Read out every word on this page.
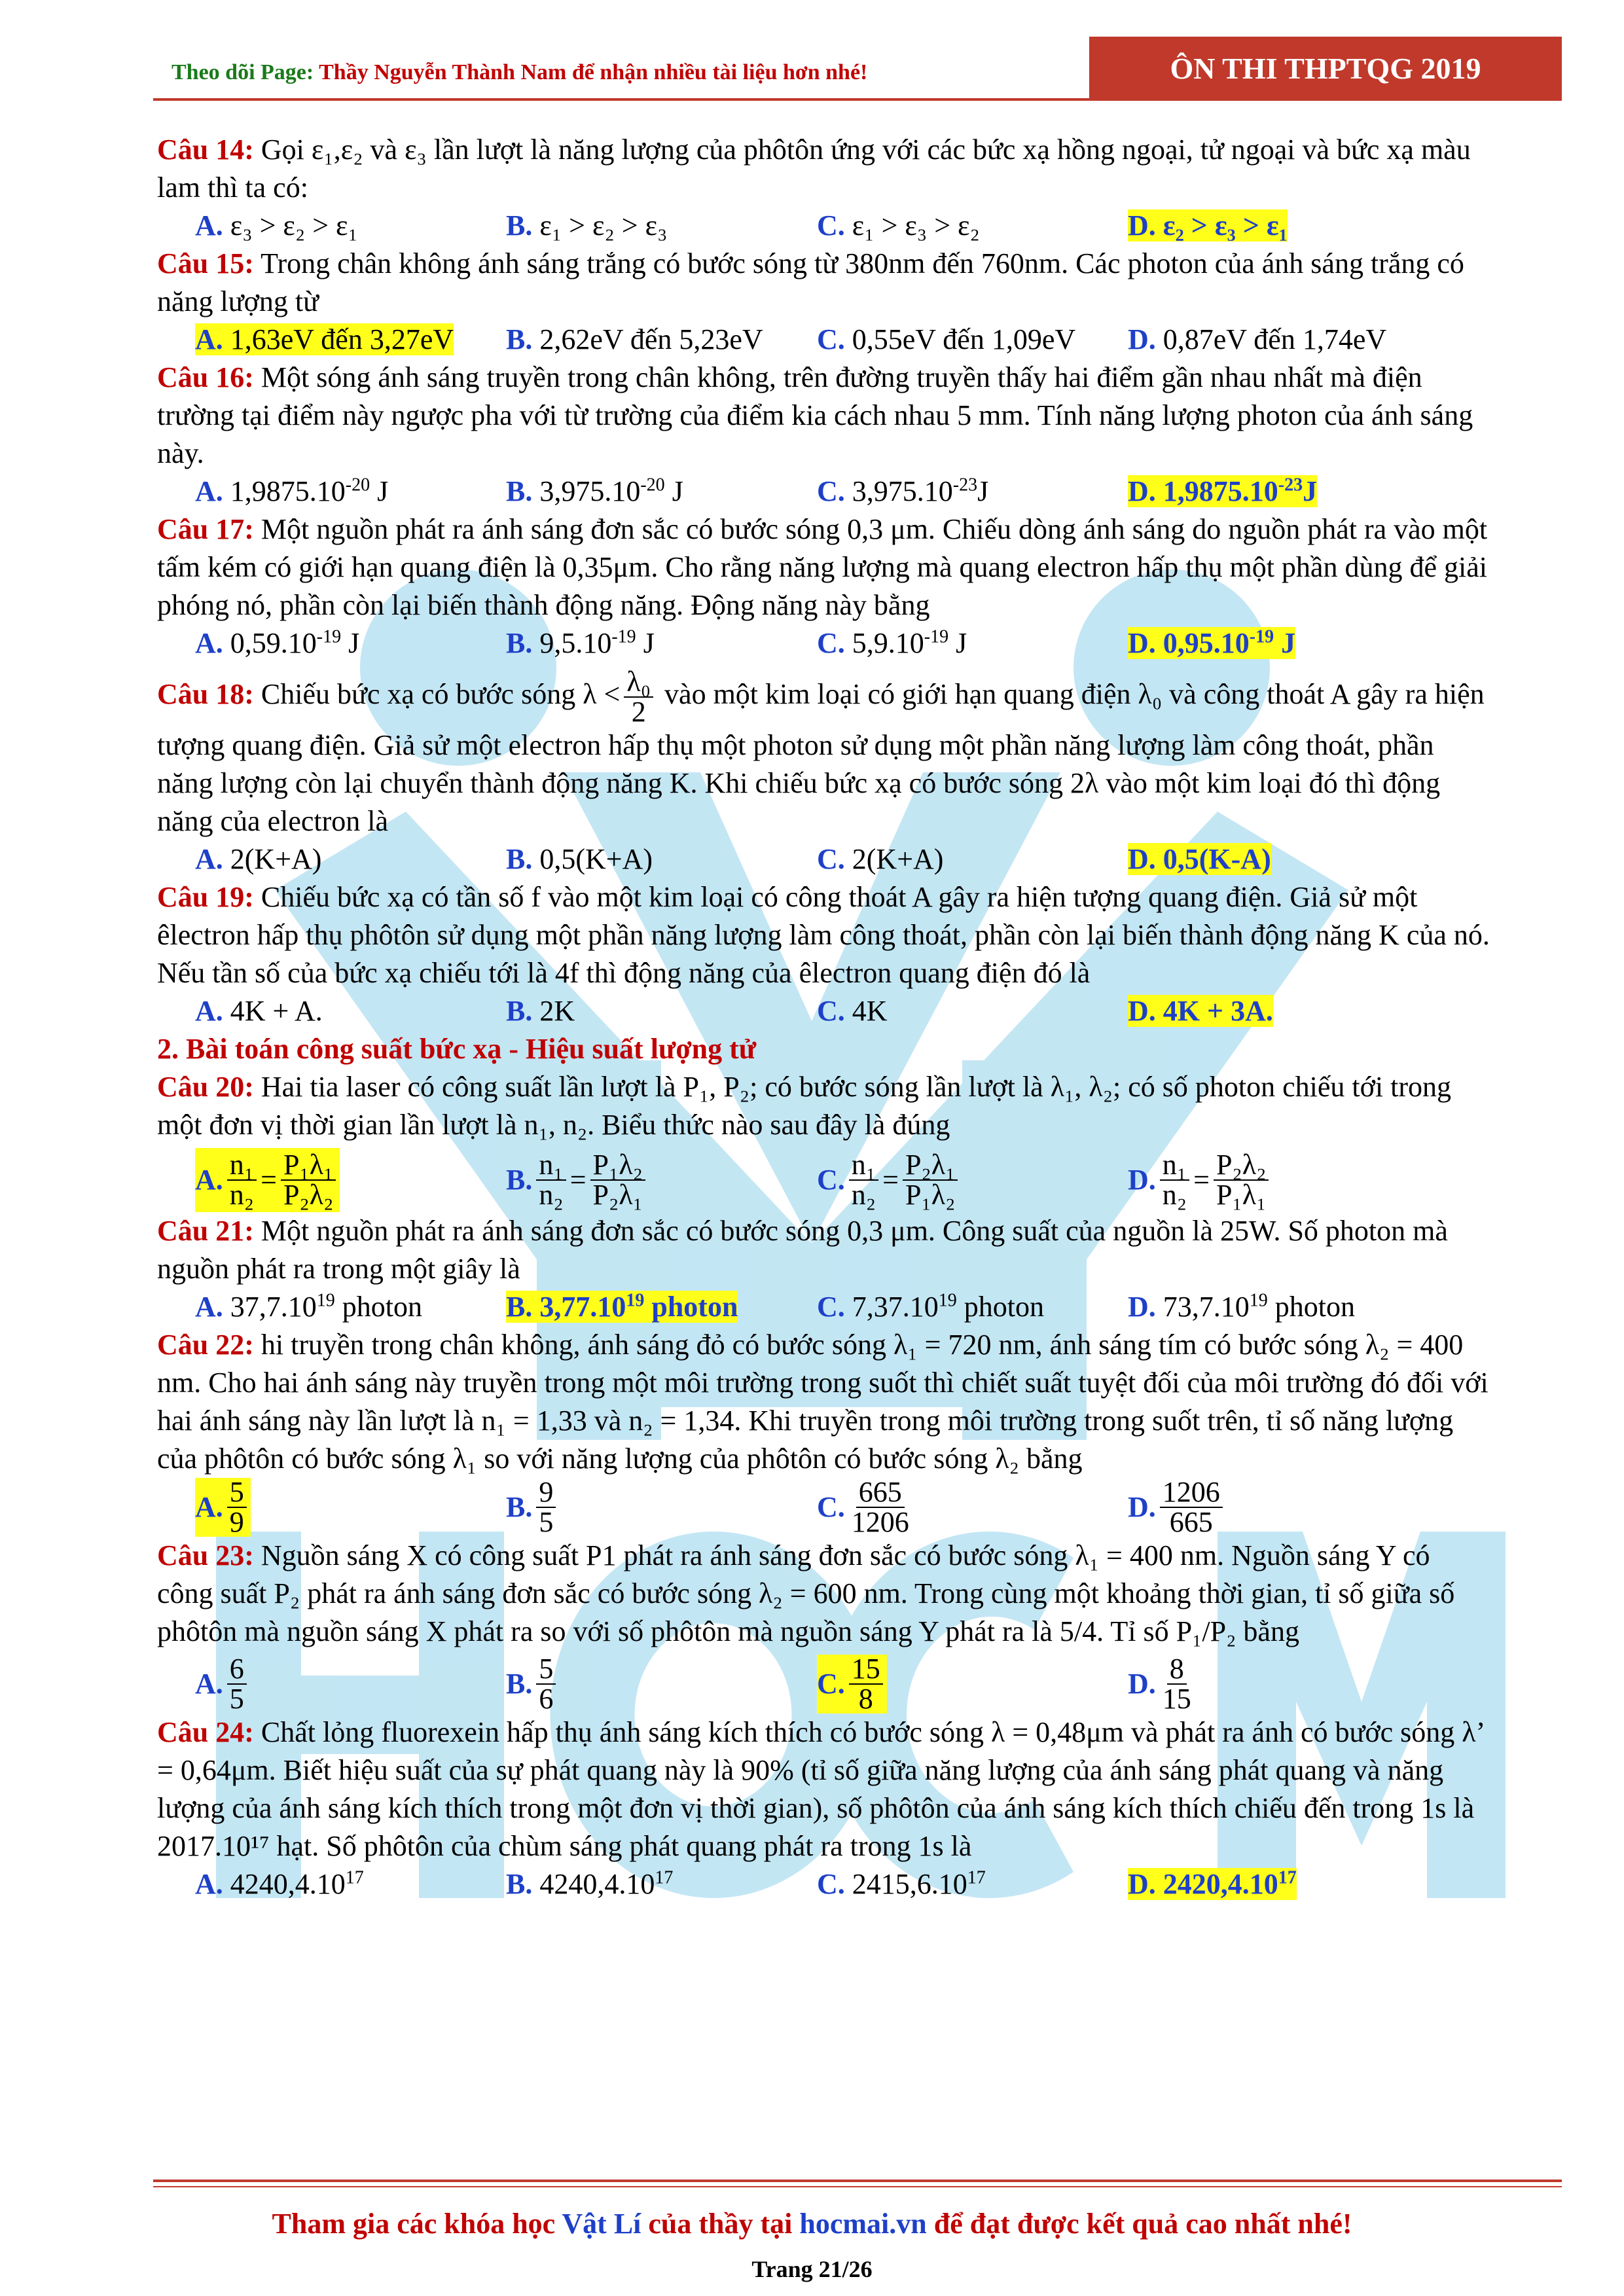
Theo dõi Page: Thầy Nguyễn Thành Nam để nhận nhiều tài liệu hơn nhé!	ÔN THI THPTQG 2019

Câu 14: Gọi ε₁,ε₂ và ε₃ lần lượt là năng lượng của phôtôn ứng với các bức xạ hồng ngoại, tử ngoại và bức xạ màu lam thì ta có:

A. ε₃ > ε₂ > ε₁	B. ε₁ > ε₂ > ε₃	C. ε₁ > ε₃ > ε₂	D. ε₂ > ε₃ > ε₁

Câu 15: Trong chân không ánh sáng trắng có bước sóng từ 380nm đến 760nm. Các photon của ánh sáng trắng có năng lượng từ

A. 1,63eV đến 3,27eV	B. 2,62eV đến 5,23eV	C. 0,55eV đến 1,09eV	D. 0,87eV đến 1,74eV

Câu 16: Một sóng ánh sáng truyền trong chân không, trên đường truyền thấy hai điểm gần nhau nhất mà điện trường tại điểm này ngược pha với từ trường của điểm kia cách nhau 5 mm. Tính năng lượng photon của ánh sáng này.

A. $1,9875.10^{-20}$ J	B. $3,975.10^{-20}$ J	C. $3,975.10^{-23}J$	D. $1,9875.10^{-23}J$

Câu 17: Một nguồn phát ra ánh sáng đơn sắc có bước sóng 0,3 μm. Chiếu dòng ánh sáng do nguồn phát ra vào một tấm kém có giới hạn quang điện là 0,35μm. Cho rằng năng lượng mà quang electron hấp thụ một phần dùng để giải phóng nó, phần còn lại biến thành động năng. Động năng này bằng

A. $0,59.10^{-19}$ J	B. $9,5.10^{-19}$ J	C. $5,9.10^{-19}$ J	D. $0,95.10^{-19}$ J

Câu 18: Chiếu bức xạ có bước sóng $\lambda < \frac{\text{λ₀}}{2}$ vào một kim loại có giới hạn quang điện λ₀ và công thoát A gây ra hiện tượng quang điện. Giả sử một electron hấp thụ một photon sử dụng một phần năng lượng làm công thoát, phần năng lượng còn lại chuyển thành động năng K. Khi chiếu bức xạ có bước sóng 2λ vào một kim loại đó thì động năng của electron là

A. 2(K+A)	B. 0,5(K+A)	C. 2(K+A)	D. 0,5(K-A)

Câu 19: Chiếu bức xạ có tần số f vào một kim loại có công thoát A gây ra hiện tượng quang điện. Giả sử một êlectron hấp thụ phôtôn sử dụng một phần năng lượng làm công thoát, phần còn lại biến thành động năng K của nó. Nếu tần số của bức xạ chiếu tới là 4f thì động năng của êlectron quang điện đó là

A. 4K + A.	B. 2K	C. 4K	D. 4K + 3A.

2. Bài toán công suất bức xạ - Hiệu suất lượng tử

Câu 20: Hai tia laser có công suất lần lượt là P₁, P₂; có bước sóng lần lượt là λ₁, λ₂; có số photon chiếu tới trong một đơn vị thời gian lần lượt là n₁, n₂. Biểu thức nào sau đây là đúng

A. $\frac{\text{n₁}}{\text{n₂}} = \frac{\text{P₁λ₁}}{\text{P₂λ₂}}$	B. $\frac{\text{n₁}}{\text{n₂}} = \frac{\text{P₁λ₂}}{\text{P₂λ₁}}$	C. $\frac{\text{n₁}}{\text{n₂}} = \frac{\text{P₂λ₁}}{\text{P₁λ₂}}$	D. $\frac{\text{n₁}}{\text{n₂}} = \frac{\text{P₂λ₂}}{\text{P₁λ₁}}$

Câu 21: Một nguồn phát ra ánh sáng đơn sắc có bước sóng 0,3 μm. Công suất của nguồn là 25W. Số photon mà nguồn phát ra trong một giây là

A. 37,7.10$^{19}$ photon	B. 3,77.10$^{19}$ photon	C. 7,37.10$^{19}$ photon	D. 73,7.10$^{19}$ photon

Câu 22: hi truyền trong chân không, ánh sáng đỏ có bước sóng λ₁ = 720 nm, ánh sáng tím có bước sóng λ₂ = 400 nm. Cho hai ánh sáng này truyền trong một môi trường trong suốt thì chiết suất tuyệt đối của môi trường đó đối với hai ánh sáng này lần lượt là n₁ = 1,33 và n₂ = 1,34. Khi truyền trong môi trường trong suốt trên, tỉ số năng lượng của phôtôn có bước sóng λ₁ so với năng lượng của phôtôn có bước sóng λ₂ bằng

A. $\frac{5}{9}$	B. $\frac{9}{5}$	C. $\frac{665}{1206}$	D. $\frac{1206}{665}$

Câu 23: Nguồn sáng X có công suất P1 phát ra ánh sáng đơn sắc có bước sóng λ₁ = 400 nm. Nguồn sáng Y có công suất P₂ phát ra ánh sáng đơn sắc có bước sóng λ₂ = 600 nm. Trong cùng một khoảng thời gian, tỉ số giữa số phôtôn mà nguồn sáng X phát ra so với số phôtôn mà nguồn sáng Y phát ra là 5/4. Tỉ số P₁/P₂ bằng

A. $\frac{6}{5}$	B. $\frac{5}{6}$	C. $\frac{15}{8}$	D. $\frac{8}{15}$

Câu 24: Chất lỏng fluorexein hấp thụ ánh sáng kích thích có bước sóng λ = 0,48μm và phát ra ánh có bước sóng λ’ = 0,64μm. Biết hiệu suất của sự phát quang này là 90% (tỉ số giữa năng lượng của ánh sáng phát quang và năng lượng của ánh sáng kích thích trong một đơn vị thời gian), số phôtôn của ánh sáng kích thích chiếu đến trong 1s là 2017.10¹⁷ hạt. Số phôtôn của chùm sáng phát quang phát ra trong 1s là

A. 4240,4.10$^{17}$	B. 4240,4.10$^{17}$	C. 2415,6.10$^{17}$	D. 2420,4.10$^{17}$
Tham gia các khóa học Vật Lí của thầy tại hocmai.vn để đạt được kết quả cao nhất nhé!
Trang 21/26
